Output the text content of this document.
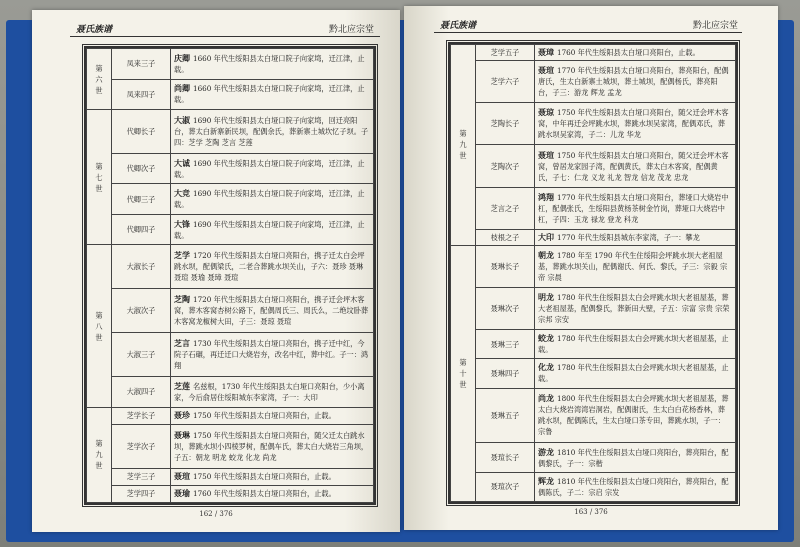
聂氏族谱	黔北应宗堂
第
六
世	凤来三子	庆卿 1660 年代生绥阳县太白垭口院子向家塆，迁江津，止载。
	凤来四子	尚卿 1660 年代生绥阳县太白垭口院子向家塆，迁江津，止载。

第
七
世	代卿长子	大淑 1690 年代生绥阳县太白垭口院子向家塆，回迁亮阳台，葬太白新寨新民坝，配偶余氏，葬新寨土城坎忆子坝。子四：芝学 芝陶 芝言 芝莲
	代卿次子	大诚 1690 年代生绥阳县太白垭口院子向家塆，迁江津，止载。
	代卿三子	大竞 1690 年代生绥阳县太白垭口院子向家塆，迁江津，止载。
	代卿四子	大锋 1690 年代生绥阳县太白垭口院子向家塆，迁江津，止载。

第
八
世	大淑长子	芝学 1720 年代生绥阳县太白垭口亮阳台，携子迁太白会坪跳水坝，配偶梁氏，二老合葬跳水坝关山，子六：聂珍 聂琳 聂瑄 聂瑜 聂璋 聂瑄
	大淑次子	芝陶 1720 年代生绥阳县太白垭口亮阳台，携子迁会坪木客窝，葬木客窝杏树公路下，配偶周氏三、周氏么，二绝坟卧葬木客窝龙椒树大田，子三：聂琼 聂瑄
	大淑三子	芝言 1730 年代生绥阳县太白垭口亮阳台，携子迁中红，今院子石碾，再迁迁口大烧岩夯，改名中红，葬中红。子一：鸿翔
	大淑四子	芝莲 名兹根，1730 年代生绥阳县太白垭口亮阳台，少小离家，今后俞居住绥阳城东李家湾，子一：大印

第
九
世	芝学长子	聂珍 1750 年代生绥阳县太白垭口亮阳台，止载。
	芝学次子	聂琳 1750 年代生绥阳县太白垭口亮阳台，随父迁太白跳水坝，葬跳水坝小四棱罗树，配偶车氏，葬太白大烧岩三角坝，子五：朝龙 明龙 蛟龙 化龙 尚龙
	芝学三子	聂瑄 1750 年代生绥阳县太白垭口亮阳台，止载。
	芝学四子	聂瑜 1760 年代生绥阳县太白垭口亮阳台，止载。
162 / 376
聂氏族谱	黔北应宗堂
第
九
世	芝学五子	聂璋 1760 年代生绥阳县太白垭口亮阳台，止载。
	芝学六子	聂瑄 1770 年代生绥阳县太白垭口亮阳台，葬亮阳台，配偶唐氏，生太白新寨土城坝，葬土城坝，配偶杨氏，葬亮阳台，子三：游龙 辉龙 孟龙
	芝陶长子	聂琼 1750 年代生绥阳县太白垭口亮阳台，随父迁会坪木客窝，中年再迁会坪跳水坝，葬跳水坝吴家湾，配偶邓氏，葬跳水坝吴家湾，子二：儿龙 华龙
	芝陶次子	聂瑄 1750 年代生绥阳县太白垭口亮阳台，随父迁会坪木客窝，曾居龙家园子湾，配偶黄氏，葬太白木客窝，配偶黄氏，子七：仁龙 义龙 礼龙 智龙 信龙 茂龙 忠龙
	芝言之子	鸿翔 1770 年代生绥阳县太白垭口亮阳台，葬垭口大烧岩中杠，配偶张氏，生绥阳县黄杨茶树金竹岗，葬垭口大烧岩中杠，子四：玉龙 禄龙 登龙 科龙
	枝根之子	大印 1770 年代生绥阳县城东李家湾，子一：攀龙

第
十
世	聂琳长子	朝龙 1780 年至 1790 年代生住绥阳会坪跳水坝大老祖屋基，葬跳水坝关山，配偶谢氏、何氏、黎氏，子三：宗毅 宗帝 宗晨
	聂琳次子	明龙 1780 年代生住绥阳县太白会坪跳水坝大老祖屋基，葬大老祖屋基，配偶黎氏，葬新田大壁，子五：宗富 宗贵 宗荣 宗邦 宗安
	聂琳三子	蛟龙 1780 年代生住绥阳县太白会坪跳水坝大老祖屋基，止载。
	聂琳四子	化龙 1780 年代生住绥阳县太白会坪跳水坝大老祖屋基，止载。
	聂琳五子	尚龙 1800 年代生住绥阳县太白会坪跳水坝大老祖屋基，葬太白大烧岩湾湾岩洞岩，配偶谢氏，生太白白花杨香林，葬跳水坝，配偶陈氏，生太白垭口茶专田，葬跳水坝，子一：宗鲁
	聂瑄长子	游龙 1810 年代生住绥阳县太白垭口亮阳台，葬亮阳台，配偶黎氏，子一：宗楷
	聂瑄次子	辉龙 1810 年代生住绥阳县太白垭口亮阳台，葬亮阳台，配偶陈氏，子二：宗启 宗发
163 / 376
